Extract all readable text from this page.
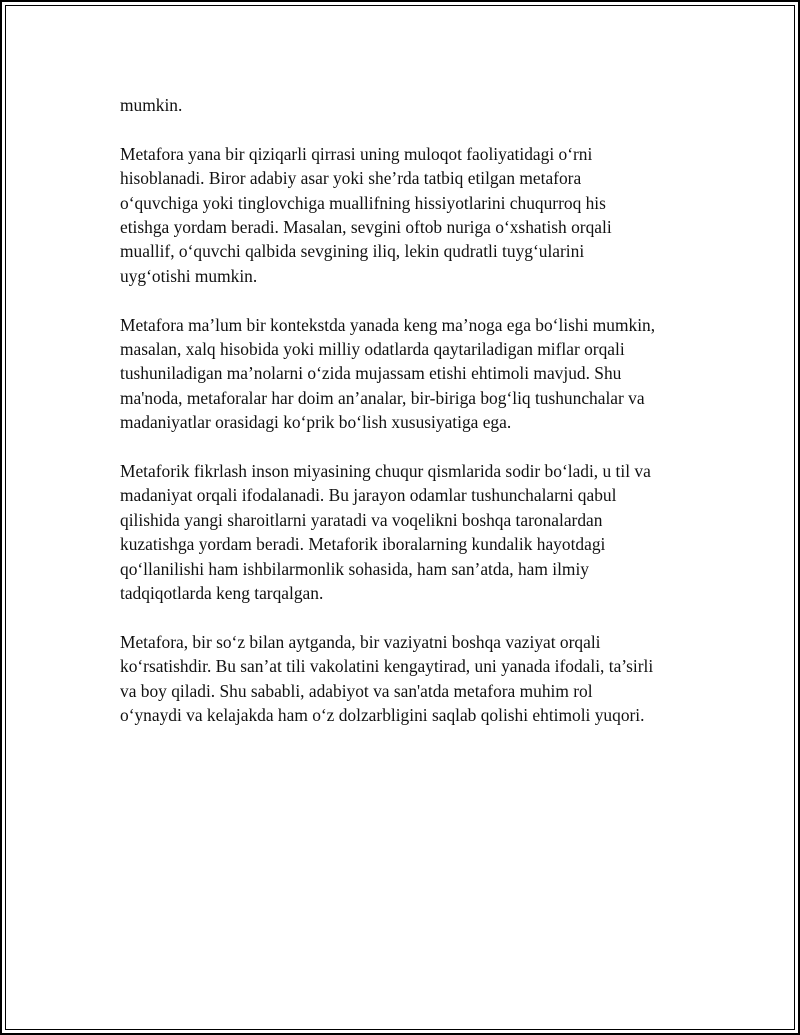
mumkin.

Metafora yana bir qiziqarli qirrasi uning muloqot faoliyatidagi o‘rni
hisoblanadi. Biror adabiy asar yoki she’rda tatbiq etilgan metafora
o‘quvchiga yoki tinglovchiga muallifning hissiyotlarini chuqurroq his
etishga yordam beradi. Masalan, sevgini oftob nuriga o‘xshatish orqali
muallif, o‘quvchi qalbida sevgining iliq, lekin qudratli tuyg‘ularini
uyg‘otishi mumkin.

Metafora ma’lum bir kontekstda yanada keng ma’noga ega bo‘lishi mumkin,
masalan, xalq hisobida yoki milliy odatlarda qaytariladigan miflar orqali
tushuniladigan ma’nolarni o‘zida mujassam etishi ehtimoli mavjud. Shu
ma'noda, metaforalar har doim an’analar, bir-biriga bog‘liq tushunchalar va
madaniyatlar orasidagi ko‘prik bo‘lish xususiyatiga ega.

Metaforik fikrlash inson miyasining chuqur qismlarida sodir bo‘ladi, u til va
madaniyat orqali ifodalanadi. Bu jarayon odamlar tushunchalarni qabul
qilishida yangi sharoitlarni yaratadi va voqelikni boshqa taronalardan
kuzatishga yordam beradi. Metaforik iboralarning kundalik hayotdagi
qo‘llanilishi ham ishbilarmonlik sohasida, ham san’atda, ham ilmiy
tadqiqotlarda keng tarqalgan.

Metafora, bir so‘z bilan aytganda, bir vaziyatni boshqa vaziyat orqali
ko‘rsatishdir. Bu san’at tili vakolatini kengaytirad, uni yanada ifodali, ta’sirli
va boy qiladi. Shu sababli, adabiyot va san'atda metafora muhim rol
o‘ynaydi va kelajakda ham o‘z dolzarbligini saqlab qolishi ehtimoli yuqori.
